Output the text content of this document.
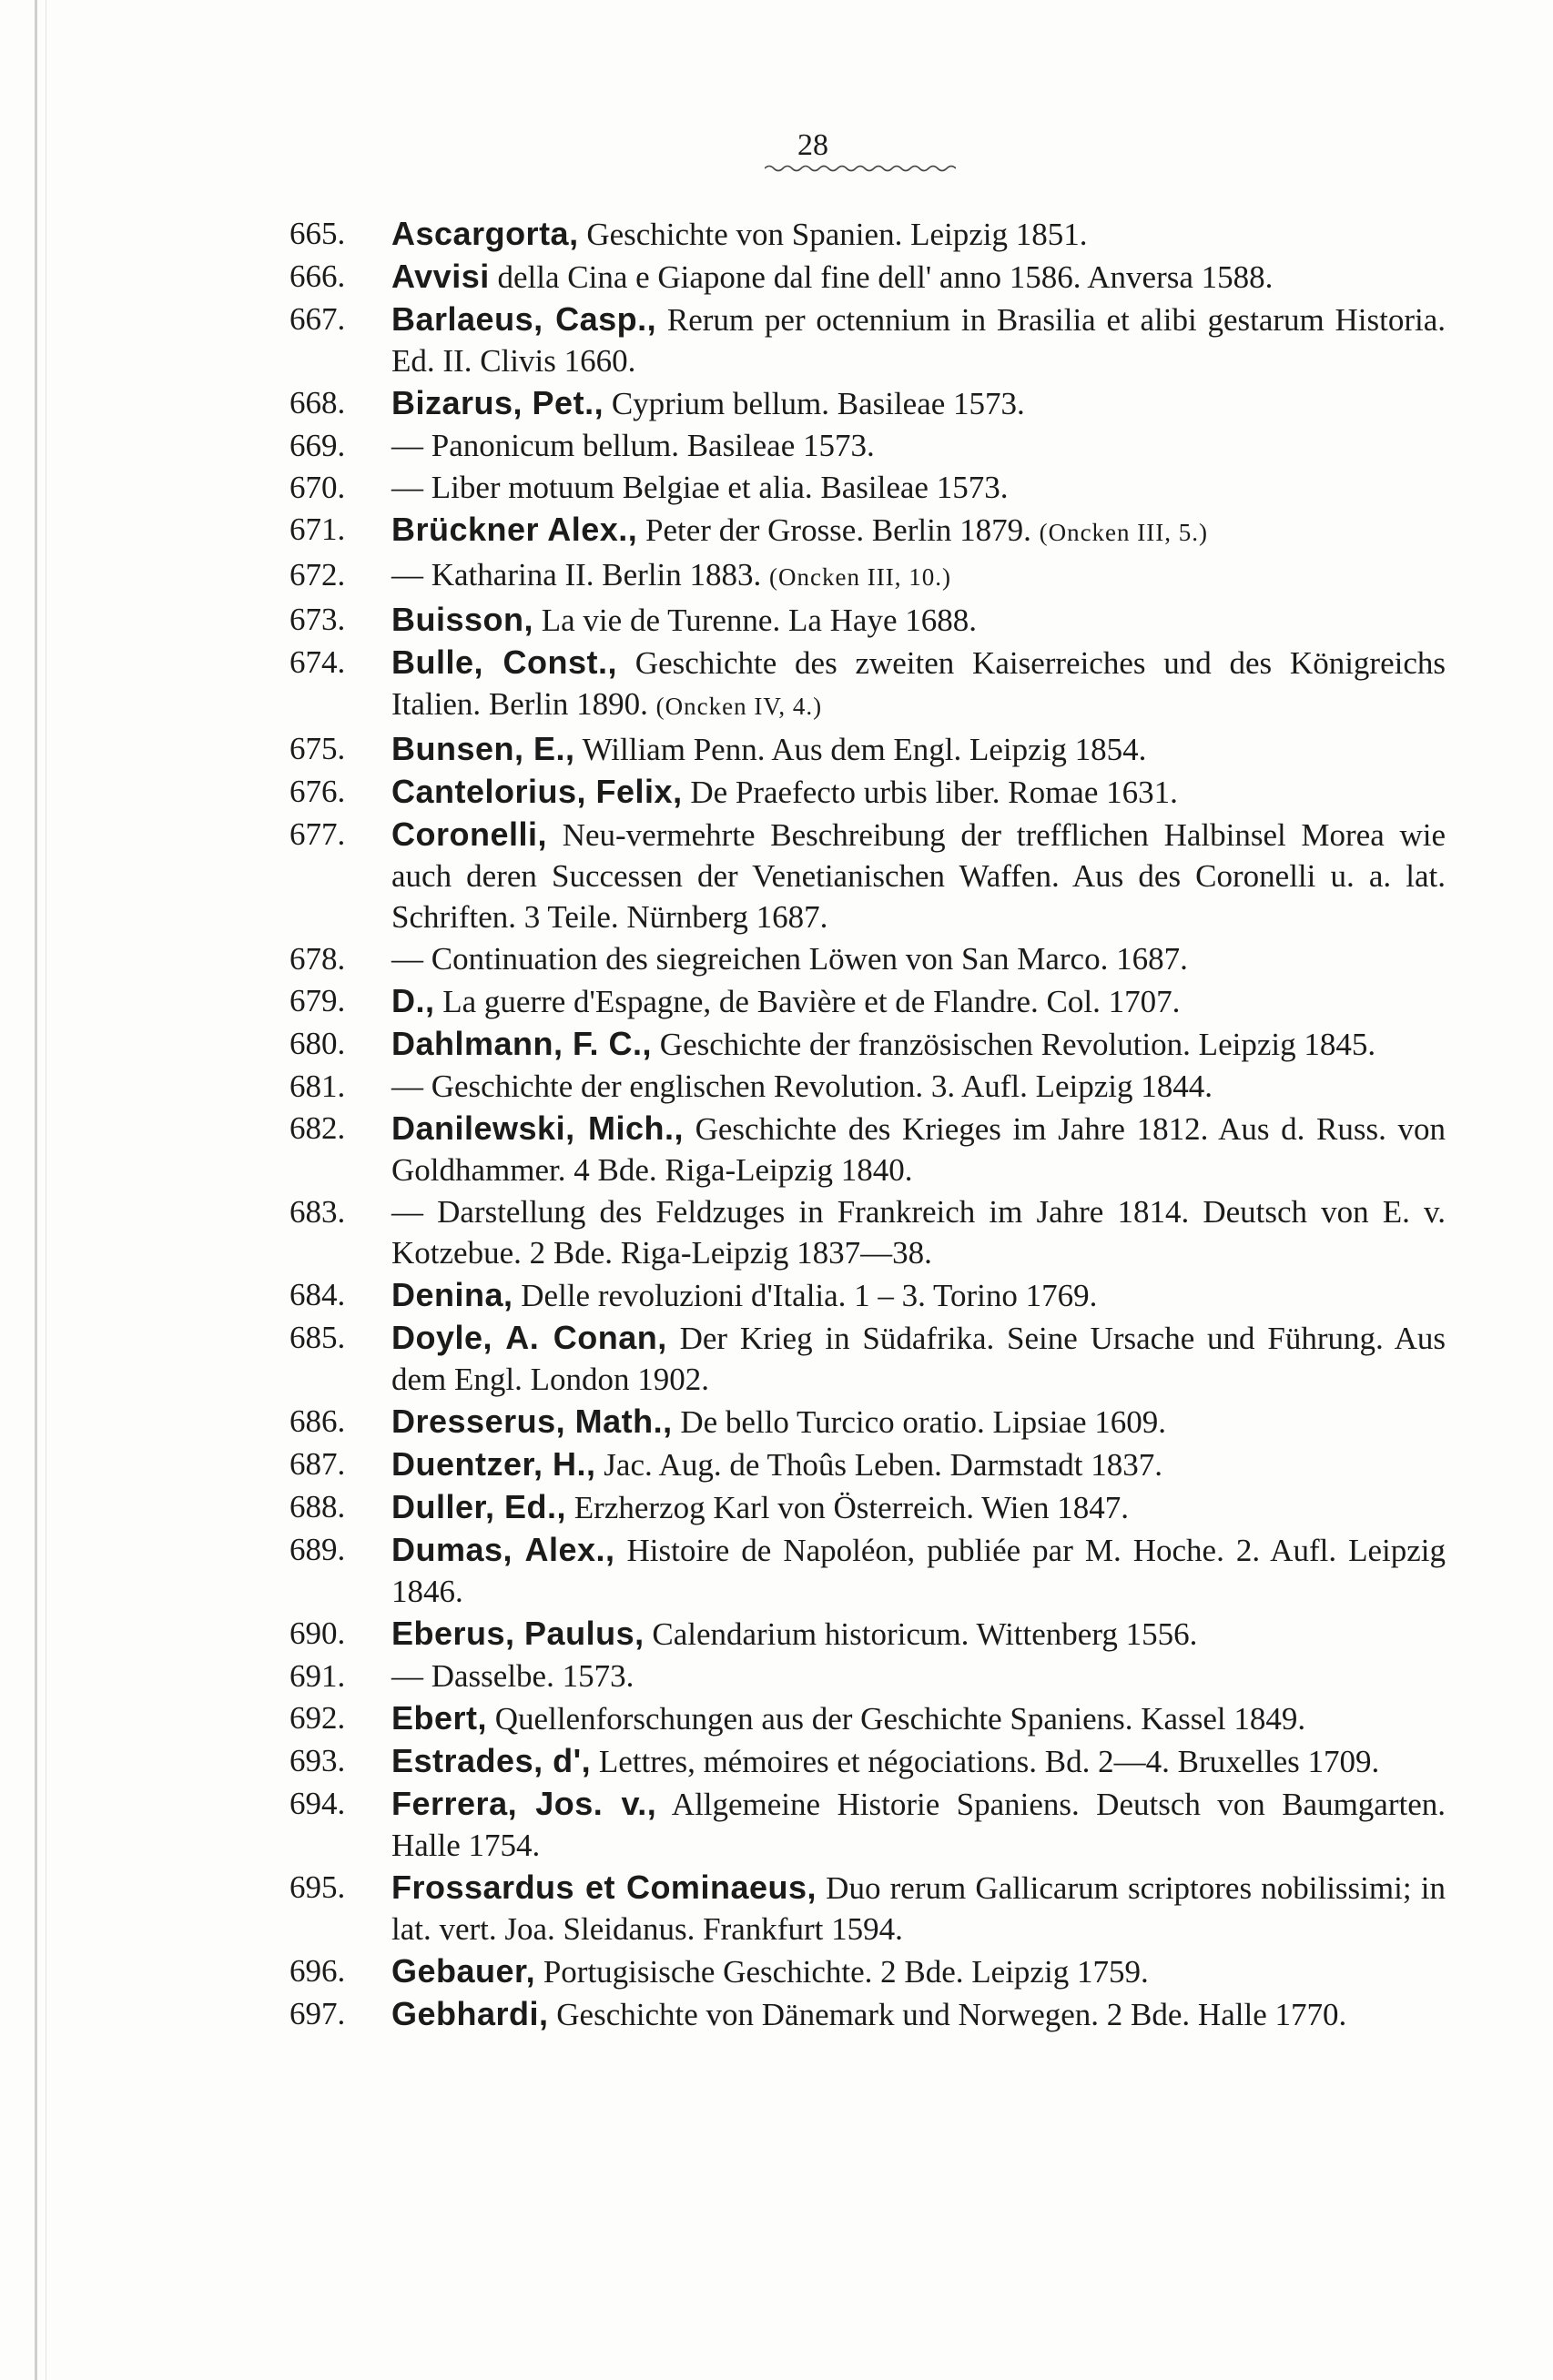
28
665.	Ascargorta, Geschichte von Spanien. Leipzig 1851.
666.	Avvisi della Cina e Giapone dal fine dell' anno 1586. Anversa 1588.
667.	Barlaeus, Casp., Rerum per octennium in Brasilia et alibi gestarum Historia. Ed. II. Clivis 1660.
668.	Bizarus, Pet., Cyprium bellum. Basileae 1573.
669.	— Panonicum bellum. Basileae 1573.
670.	— Liber motuum Belgiae et alia. Basileae 1573.
671.	Brückner Alex., Peter der Grosse. Berlin 1879. (Oncken III, 5.)
672.	— Katharina II. Berlin 1883. (Oncken III, 10.)
673.	Buisson, La vie de Turenne. La Haye 1688.
674.	Bulle, Const., Geschichte des zweiten Kaiserreiches und des Königreichs Italien. Berlin 1890. (Oncken IV, 4.)
675.	Bunsen, E., William Penn. Aus dem Engl. Leipzig 1854.
676.	Cantelorius, Felix, De Praefecto urbis liber. Romae 1631.
677.	Coronelli, Neu-vermehrte Beschreibung der trefflichen Halbinsel Morea wie auch deren Successen der Venetianischen Waffen. Aus des Coronelli u. a. lat. Schriften. 3 Teile. Nürnberg 1687.
678.	— Continuation des siegreichen Löwen von San Marco. 1687.
679.	D., La guerre d'Espagne, de Bavière et de Flandre. Col. 1707.
680.	Dahlmann, F. C., Geschichte der französischen Revolution. Leipzig 1845.
681.	— Geschichte der englischen Revolution. 3. Aufl. Leipzig 1844.
682.	Danilewski, Mich., Geschichte des Krieges im Jahre 1812. Aus d. Russ. von Goldhammer. 4 Bde. Riga-Leipzig 1840.
683.	— Darstellung des Feldzuges in Frankreich im Jahre 1814. Deutsch von E. v. Kotzebue. 2 Bde. Riga-Leipzig 1837—38.
684.	Denina, Delle revoluzioni d'Italia. 1 – 3. Torino 1769.
685.	Doyle, A. Conan, Der Krieg in Südafrika. Seine Ursache und Führung. Aus dem Engl. London 1902.
686.	Dresserus, Math., De bello Turcico oratio. Lipsiae 1609.
687.	Duentzer, H., Jac. Aug. de Thoûs Leben. Darmstadt 1837.
688.	Duller, Ed., Erzherzog Karl von Österreich. Wien 1847.
689.	Dumas, Alex., Histoire de Napoléon, publiée par M. Hoche. 2. Aufl. Leipzig 1846.
690.	Eberus, Paulus, Calendarium historicum. Wittenberg 1556.
691.	— Dasselbe. 1573.
692.	Ebert, Quellenforschungen aus der Geschichte Spaniens. Kassel 1849.
693.	Estrades, d', Lettres, mémoires et négociations. Bd. 2—4. Bruxelles 1709.
694.	Ferrera, Jos. v., Allgemeine Historie Spaniens. Deutsch von Baumgarten. Halle 1754.
695.	Frossardus et Cominaeus, Duo rerum Gallicarum scriptores nobilissimi; in lat. vert. Joa. Sleidanus. Frankfurt 1594.
696.	Gebauer, Portugisische Geschichte. 2 Bde. Leipzig 1759.
697.	Gebhardi, Geschichte von Dänemark und Norwegen. 2 Bde. Halle 1770.
